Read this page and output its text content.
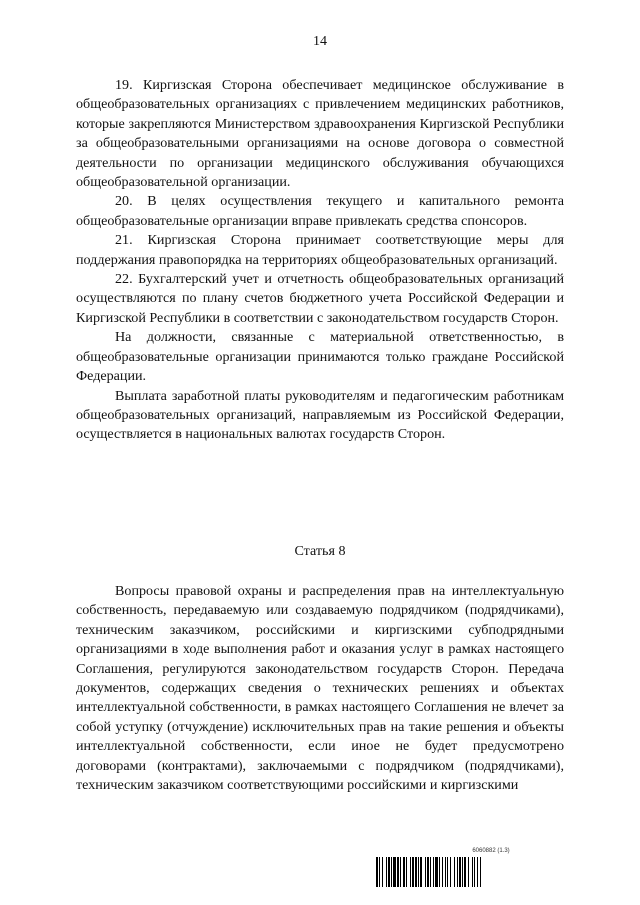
14

19. Киргизская Сторона обеспечивает медицинское обслуживание в общеобразовательных организациях с привлечением медицинских работников, которые закрепляются Министерством здравоохранения Киргизской Республики за общеобразовательными организациями на основе договора о совместной деятельности по организации медицинского обслуживания обучающихся общеобразовательной организации.

20. В целях осуществления текущего и капитального ремонта общеобразовательные организации вправе привлекать средства спонсоров.

21. Киргизская Сторона принимает соответствующие меры для поддержания правопорядка на территориях общеобразовательных организаций.

22. Бухгалтерский учет и отчетность общеобразовательных организаций осуществляются по плану счетов бюджетного учета Российской Федерации и Киргизской Республики в соответствии с законодательством государств Сторон.

На должности, связанные с материальной ответственностью, в общеобразовательные организации принимаются только граждане Российской Федерации.

Выплата заработной платы руководителям и педагогическим работникам общеобразовательных организаций, направляемым из Российской Федерации, осуществляется в национальных валютах государств Сторон.

Статья 8

Вопросы правовой охраны и распределения прав на интеллектуальную собственность, передаваемую или создаваемую подрядчиком (подрядчиками), техническим заказчиком, российскими и киргизскими субподрядными организациями в ходе выполнения работ и оказания услуг в рамках настоящего Соглашения, регулируются законодательством государств Сторон. Передача документов, содержащих сведения о технических решениях и объектах интеллектуальной собственности, в рамках настоящего Соглашения не влечет за собой уступку (отчуждение) исключительных прав на такие решения и объекты интеллектуальной собственности, если иное не будет предусмотрено договорами (контрактами), заключаемыми с подрядчиком (подрядчиками), техническим заказчиком соответствующими российскими и киргизскими

6060882 (1.3)
